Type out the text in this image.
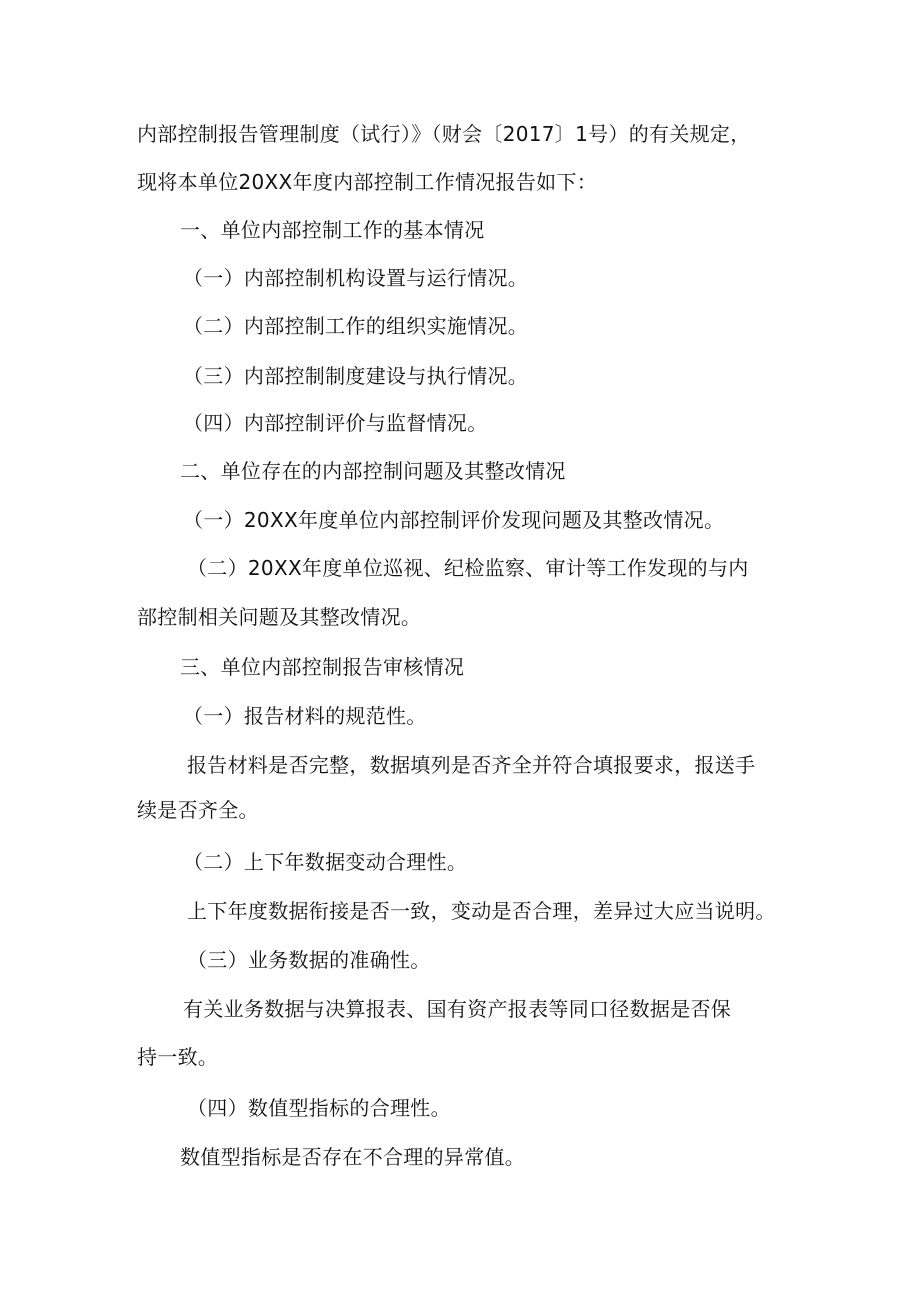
内部控制报告管理制度（试行）》（财会〔2017〕1号）的有关规定，
现将本单位20XX年度内部控制工作情况报告如下：
一、单位内部控制工作的基本情况
（一）内部控制机构设置与运行情况。
（二）内部控制工作的组织实施情况。
（三）内部控制制度建设与执行情况。
（四）内部控制评价与监督情况。
二、单位存在的内部控制问题及其整改情况
（一）20XX年度单位内部控制评价发现问题及其整改情况。
（二）20XX年度单位巡视、纪检监察、审计等工作发现的与内
部控制相关问题及其整改情况。
三、单位内部控制报告审核情况
（一）报告材料的规范性。
报告材料是否完整，数据填列是否齐全并符合填报要求，报送手
续是否齐全。
（二）上下年数据变动合理性。
上下年度数据衔接是否一致，变动是否合理，差异过大应当说明。
（三）业务数据的准确性。
有关业务数据与决算报表、国有资产报表等同口径数据是否保
持一致。
（四）数值型指标的合理性。
数值型指标是否存在不合理的异常值。
